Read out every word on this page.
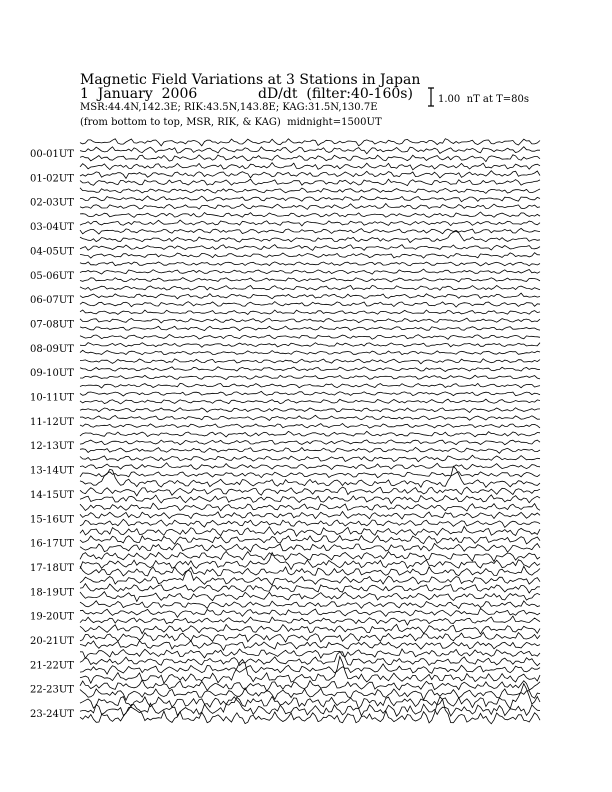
Magnetic Field Variations at 3 Stations in Japan
1  January  2006	dD/dt  (filter:40-160s)
MSR:44.4N,142.3E; RIK:43.5N,143.8E; KAG:31.5N,130.7E
(from bottom to top, MSR, RIK, & KAG)  midnight=1500UT
1.00  nT at T=80s
00-01UT
01-02UT
02-03UT
03-04UT
04-05UT
05-06UT
06-07UT
07-08UT
08-09UT
09-10UT
10-11UT
11-12UT
12-13UT
13-14UT
14-15UT
15-16UT
16-17UT
17-18UT
18-19UT
19-20UT
20-21UT
21-22UT
22-23UT
23-24UT
